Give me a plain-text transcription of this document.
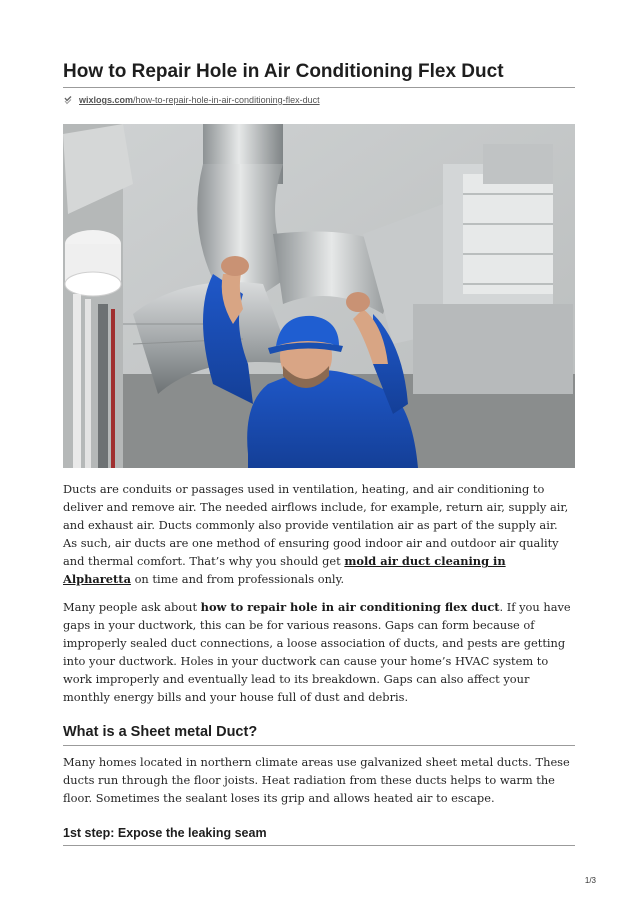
How to Repair Hole in Air Conditioning Flex Duct
wixlogs.com/how-to-repair-hole-in-air-conditioning-flex-duct

Ducts are conduits or passages used in ventilation, heating, and air conditioning to deliver and remove air. The needed airflows include, for example, return air, supply air, and exhaust air. Ducts commonly also provide ventilation air as part of the supply air. As such, air ducts are one method of ensuring good indoor air and outdoor air quality and thermal comfort. That’s why you should get mold air duct cleaning in Alpharetta on time and from professionals only.

Many people ask about how to repair hole in air conditioning flex duct. If you have gaps in your ductwork, this can be for various reasons. Gaps can form because of improperly sealed duct connections, a loose association of ducts, and pests are getting into your ductwork. Holes in your ductwork can cause your home’s HVAC system to work improperly and eventually lead to its breakdown. Gaps can also affect your monthly energy bills and your house full of dust and debris.

What is a Sheet metal Duct?

Many homes located in northern climate areas use galvanized sheet metal ducts. These ducts run through the floor joists. Heat radiation from these ducts helps to warm the floor. Sometimes the sealant loses its grip and allows heated air to escape.

1st step: Expose the leaking seam
1/3
